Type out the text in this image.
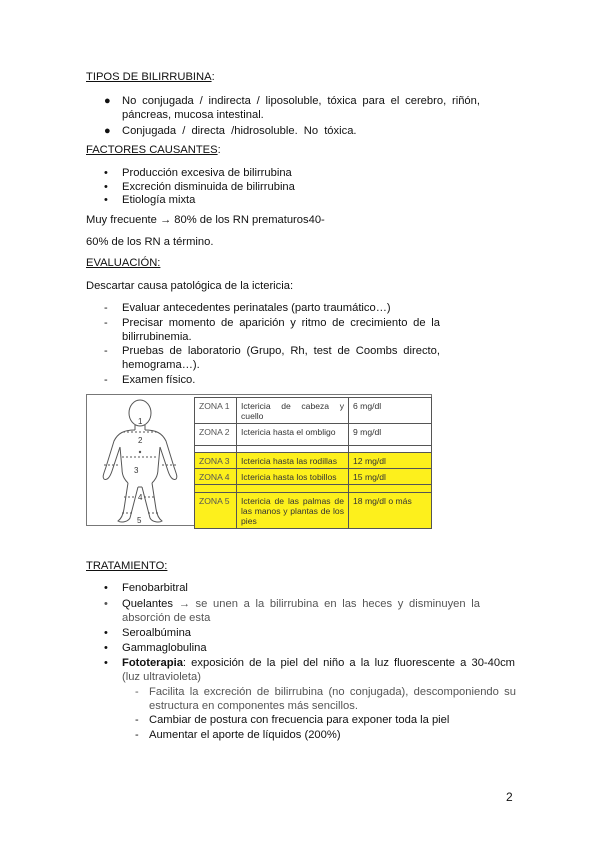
TIPOS DE BILIRRUBINA:
● No conjugada / indirecta / liposoluble, tóxica para el cerebro, riñón,
páncreas, mucosa intestinal.
● Conjugada / directa /hidrosoluble. No tóxica.
FACTORES CAUSANTES:
• Producción excesiva de bilirrubina
• Excreción disminuida de bilirrubina
• Etiología mixta
Muy frecuente → 80% de los RN prematuros40-
60% de los RN a término.
EVALUACIÓN:
Descartar causa patológica de la ictericia:
- Evaluar antecedentes perinatales (parto traumático…)
- Precisar momento de aparición y ritmo de crecimiento de la
bilirrubinemia.
- Pruebas de laboratorio (Grupo, Rh, test de Coombs directo,
hemograma…).
- Examen físico.
1
2
3
4
5
ZONA 1	Ictericia de cabeza y cuello	6 mg/dl
ZONA 2	Ictericia hasta el ombligo	9 mg/dl

ZONA 3	Ictericia hasta las rodillas	12 mg/dl
ZONA 4	Ictericia hasta los tobillos	15 mg/dl

ZONA 5	Ictericia de las palmas de las manos y plantas de los pies	18 mg/dl o más
TRATAMIENTO:
• Fenobarbitral
• Quelantes → se unen a la bilirrubina en las heces y disminuyen la
absorción de esta
• Seroalbúmina
• Gammaglobulina
• Fototerapia: exposición de la piel del niño a la luz fluorescente a 30-40cm
(luz ultravioleta)
- Facilita la excreción de bilirrubina (no conjugada), descomponiendo su
estructura en componentes más sencillos.
- Cambiar de postura con frecuencia para exponer toda la piel
- Aumentar el aporte de líquidos (200%)
2
